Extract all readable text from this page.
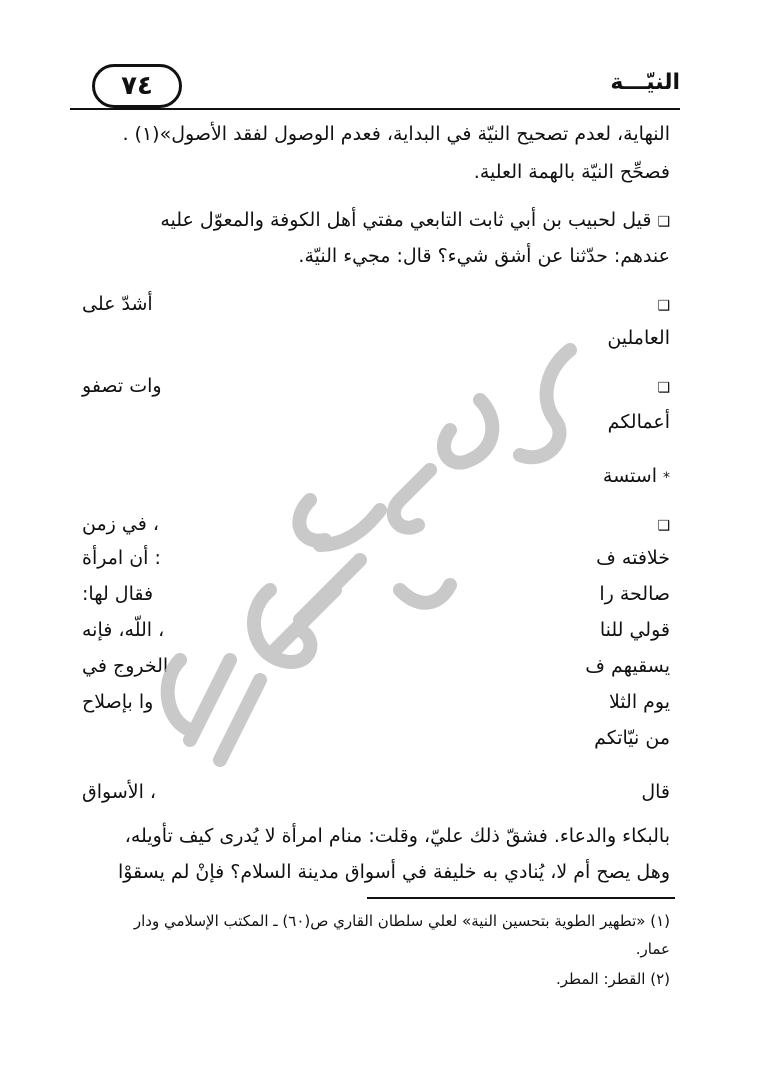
٧٤	النيّـــة
النهاية، لعدم تصحيح النيّة في البداية، فعدم الوصول لفقد الأصول»(١) .
فصحِّح النيّة بالهمة العلية.
❑قيل لحبيب بن أبي ثابت التابعي مفتي أهل الكوفة والمعوّل عليه
عندهم: حدّثنا عن أشق شيء؟ قال: مجيء النيّة.
❑
أشدّ على
العاملين
❑
وات تصفو
أعمالكم
*استسة
❑
، في زمن
خلافته ف
: أن امرأة
صالحة را
فقال لها:
قولي للنا
، اللّه، فإنه
يسقيهم ف
الخروج في
يوم الثلا
وا بإصلاح
من نيّاتكم
قال
، الأسواق
بالبكاء والدعاء. فشقّ ذلك عليّ، وقلت: منام امرأة لا يُدرى كيف تأويله،
وهل يصح أم لا، يُنادي به خليفة في أسواق مدينة السلام؟ فإنْ لم يسقوْا
(١) «تطهير الطوية بتحسين النية» لعلي سلطان القاري ص(٦٠) ـ المكتب الإسلامي ودار
عمار.
(٢) القطر: المطر.
